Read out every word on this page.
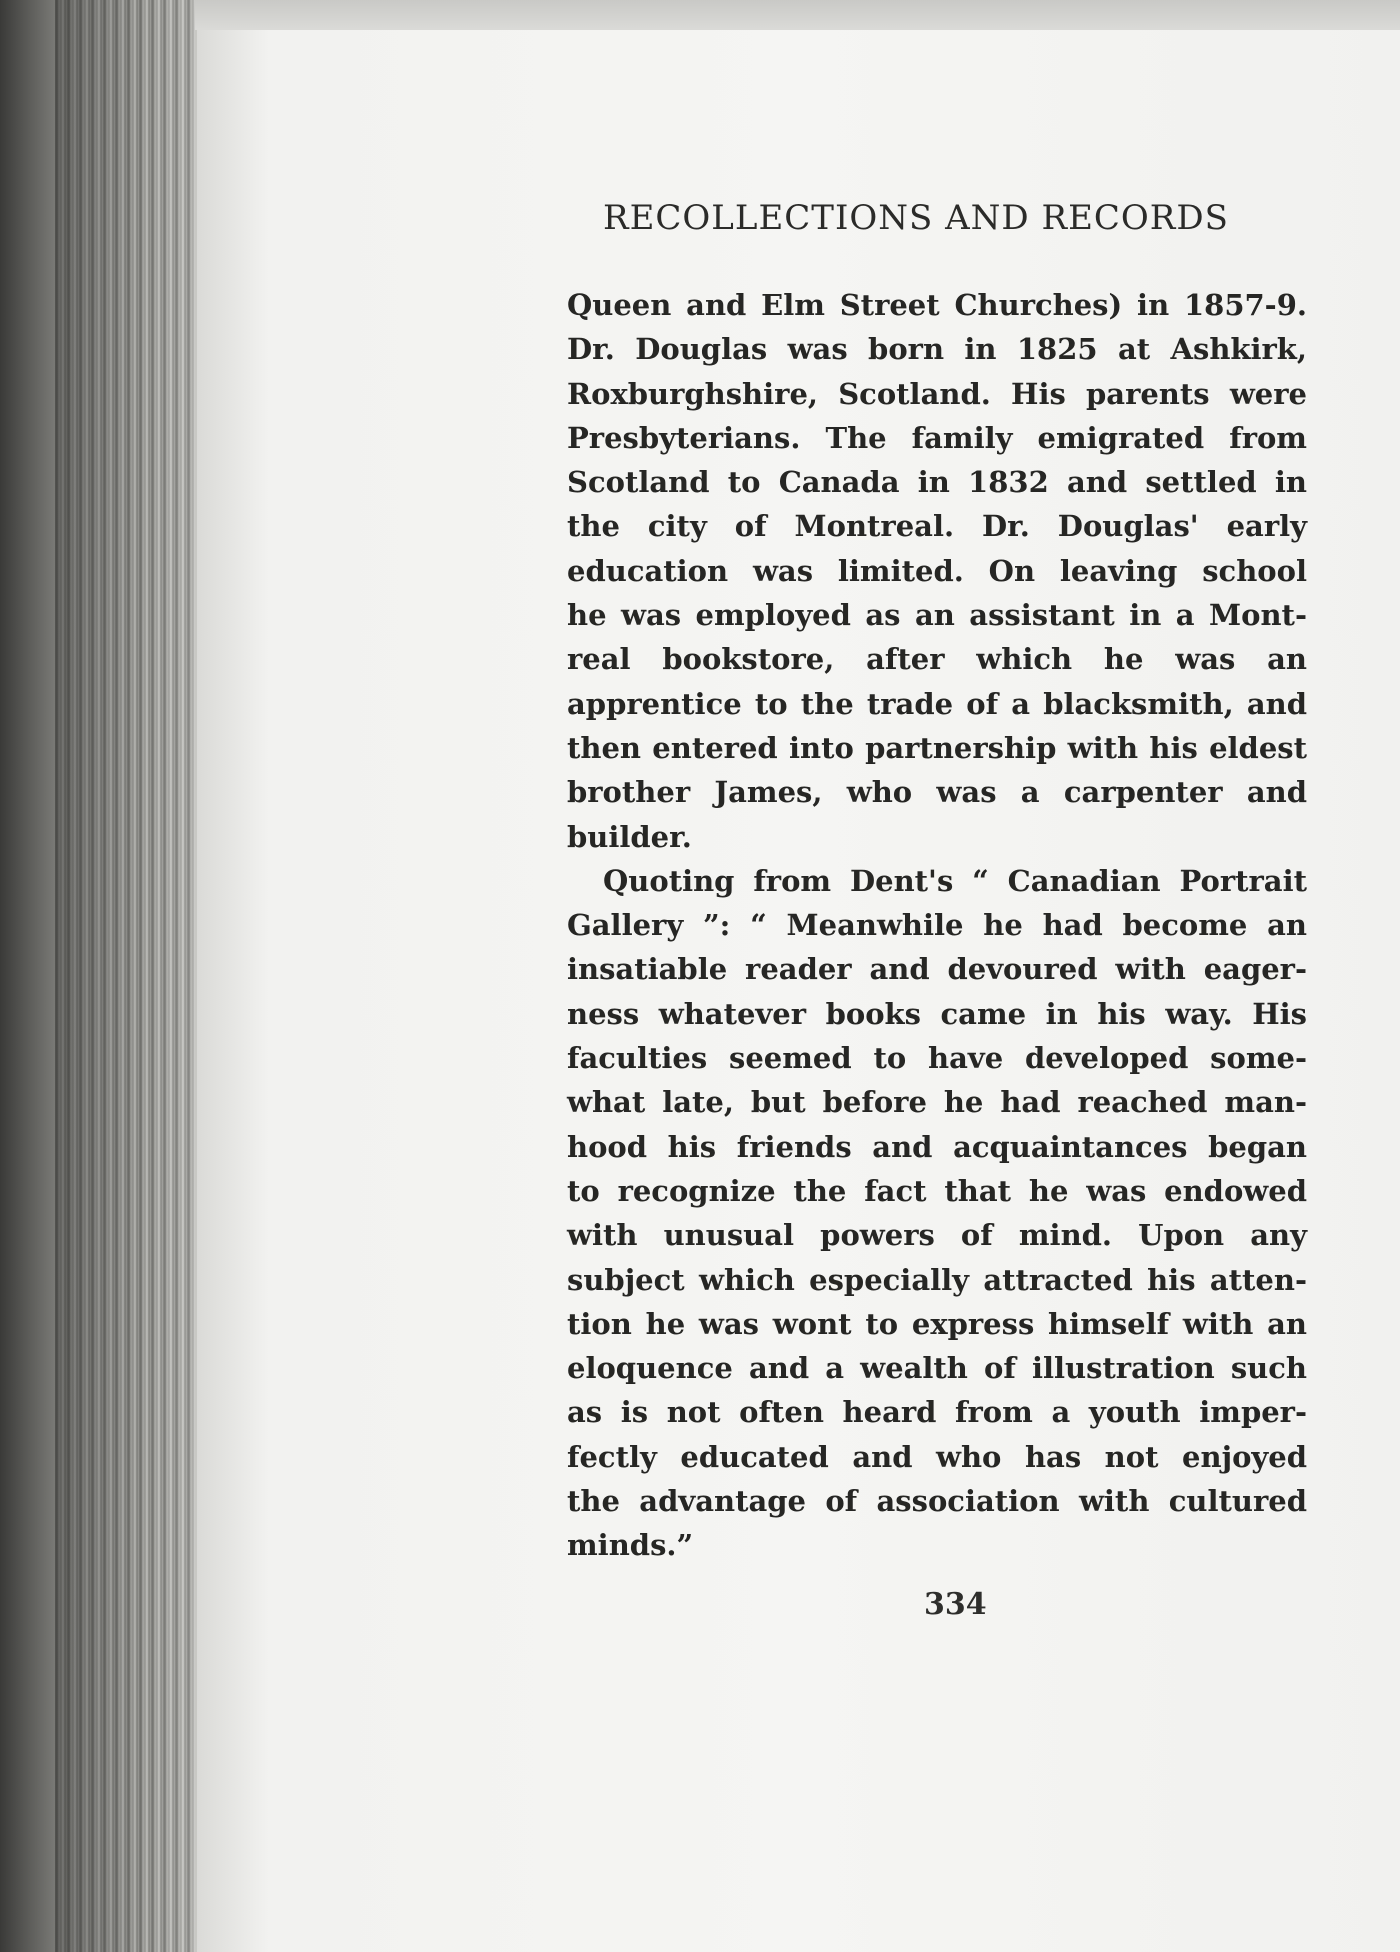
RECOLLECTIONS AND RECORDS
Queen and Elm Street Churches) in 1857-9.
Dr. Douglas was born in 1825 at Ashkirk,
Roxburghshire, Scotland. His parents were
Presbyterians. The family emigrated from
Scotland to Canada in 1832 and settled in
the city of Montreal. Dr. Douglas' early
education was limited. On leaving school
he was employed as an assistant in a Mont-
real bookstore, after which he was an
apprentice to the trade of a blacksmith, and
then entered into partnership with his eldest
brother James, who was a carpenter and
builder.
Quoting from Dent's “ Canadian Portrait
Gallery ”: “ Meanwhile he had become an
insatiable reader and devoured with eager-
ness whatever books came in his way. His
faculties seemed to have developed some-
what late, but before he had reached man-
hood his friends and acquaintances began
to recognize the fact that he was endowed
with unusual powers of mind. Upon any
subject which especially attracted his atten-
tion he was wont to express himself with an
eloquence and a wealth of illustration such
as is not often heard from a youth imper-
fectly educated and who has not enjoyed
the advantage of association with cultured
minds.”
334
